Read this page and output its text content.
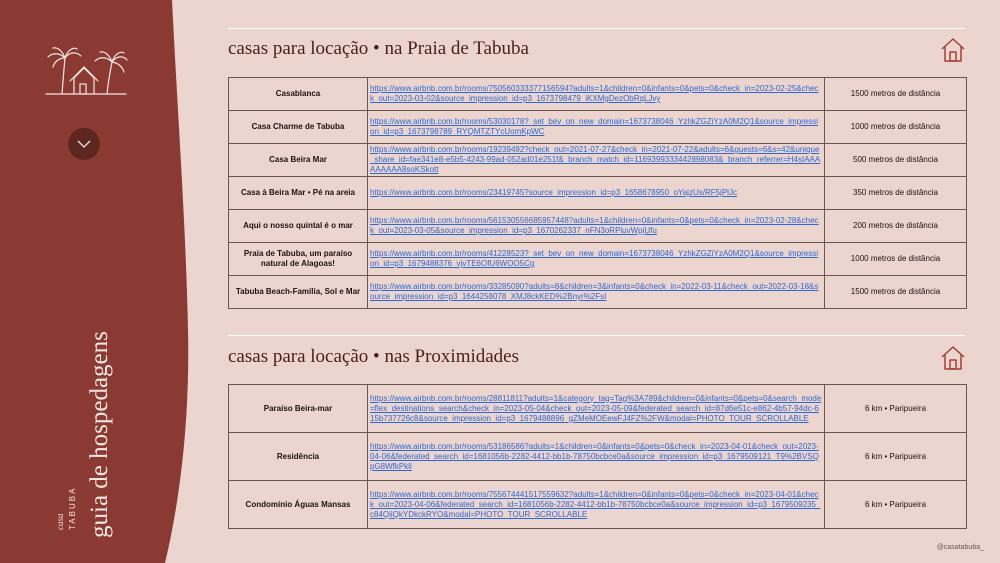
casa TABUBA guia de hospedagens
casas para locação • na Praia de Tabuba
Casablanca	https://www.airbnb.com.br/rooms/750560333377156594?adults=1&children=0&infants=0&pets=0&check_in=2023-02-25&check_out=2023-03-02&source_impression_id=p3_1673798479_iKXMgDezObRqLJvy	1500 metros de distância
Casa Charme de Tabuba	https://www.airbnb.com.br/rooms/53030178?_set_bev_on_new_domain=1673738046_YzhkZGZiYzA0M2Q1&source_impression_id=p3_1673798789_RYQMTZTYcUomKpWC	1000 metros de distância
Casa Beira Mar	https://www.airbnb.com.br/rooms/19239492?check_out=2021-07-27&check_in=2021-07-22&adults=6&guests=6&s=42&unique_share_id=fae341e8-e5b5-4243-99ad-052ad01e251f&_branch_match_id=1169399333442898083&_branch_referrer=H4sIAAAAAAAAA8soKSkott	500 metros de distância
Casa à Beira Mar • Pé na areia	https://www.airbnb.com.br/rooms/23419745?source_impression_id=p3_1658678950_oYajzUs/RF5jPlJc	350 metros de distância
Aqui o nosso quintal é o mar	https://www.airbnb.com.br/rooms/561530556685957448?adults=1&children=0&infants=0&pets=0&check_in=2023-02-28&check_out=2023-03-05&source_impression_id=p3_1670262337_nFN3oRPiuvWpjUfu	200 metros de distância
Praia de Tabuba, um paraíso natural de Alagoas!	https://www.airbnb.com.br/rooms/41228523?_set_bev_on_new_domain=1673738046_YzhkZGZiYzA0M2Q1&source_impression_id=p3_1679488376_vjvTE6OfU6WOO5Cg	1000 metros de distância
Tabuba Beach-Família, Sol e Mar	https://www.airbnb.com.br/rooms/33285090?adults=8&children=3&infants=0&check_in=2022-03-11&check_out=2022-03-18&source_impression_id=p3_1644258078_XMJ8ckKED%2Bnyr%2FsI	1500 metros de distância
casas para locação • nas Proximidades
Paraíso Beira-mar	https://www.airbnb.com.br/rooms/28811811?adults=1&category_tag=Tag%3A789&children=0&infants=0&pets=0&search_mode=flex_destinations_search&check_in=2023-05-04&check_out=2023-05-09&federated_search_id=87d6e51c-e862-4b57-94dc-615b737726c8&source_impression_id=p3_1679488896_gZMeMOEewFJ4FZ%2FW&modal=PHOTO_TOUR_SCROLLABLE	6 km • Paripueira
Residência	https://www.airbnb.com.br/rooms/53186586?adults=1&children=0&infants=0&pets=0&check_in=2023-04-01&check_out=2023-04-06&federated_search_id=1681056b-2282-4412-bb1b-78750bcbce0a&source_impression_id=p3_1679509121_T9%2BVSQpG8WfkPkli	6 km • Paripueira
Condomínio Águas Mansas	https://www.airbnb.com.br/rooms/755674441517559632?adults=1&children=0&infants=0&pets=0&check_in=2023-04-01&check_out=2023-04-06&federated_search_id=1681056b-2282-4412-bb1b-78750bcbce0a&source_impression_id=p3_1679509235_c84QiiQkYDkckRYO&modal=PHOTO_TOUR_SCROLLABLE	6 km • Paripueira
@casatabuba_
